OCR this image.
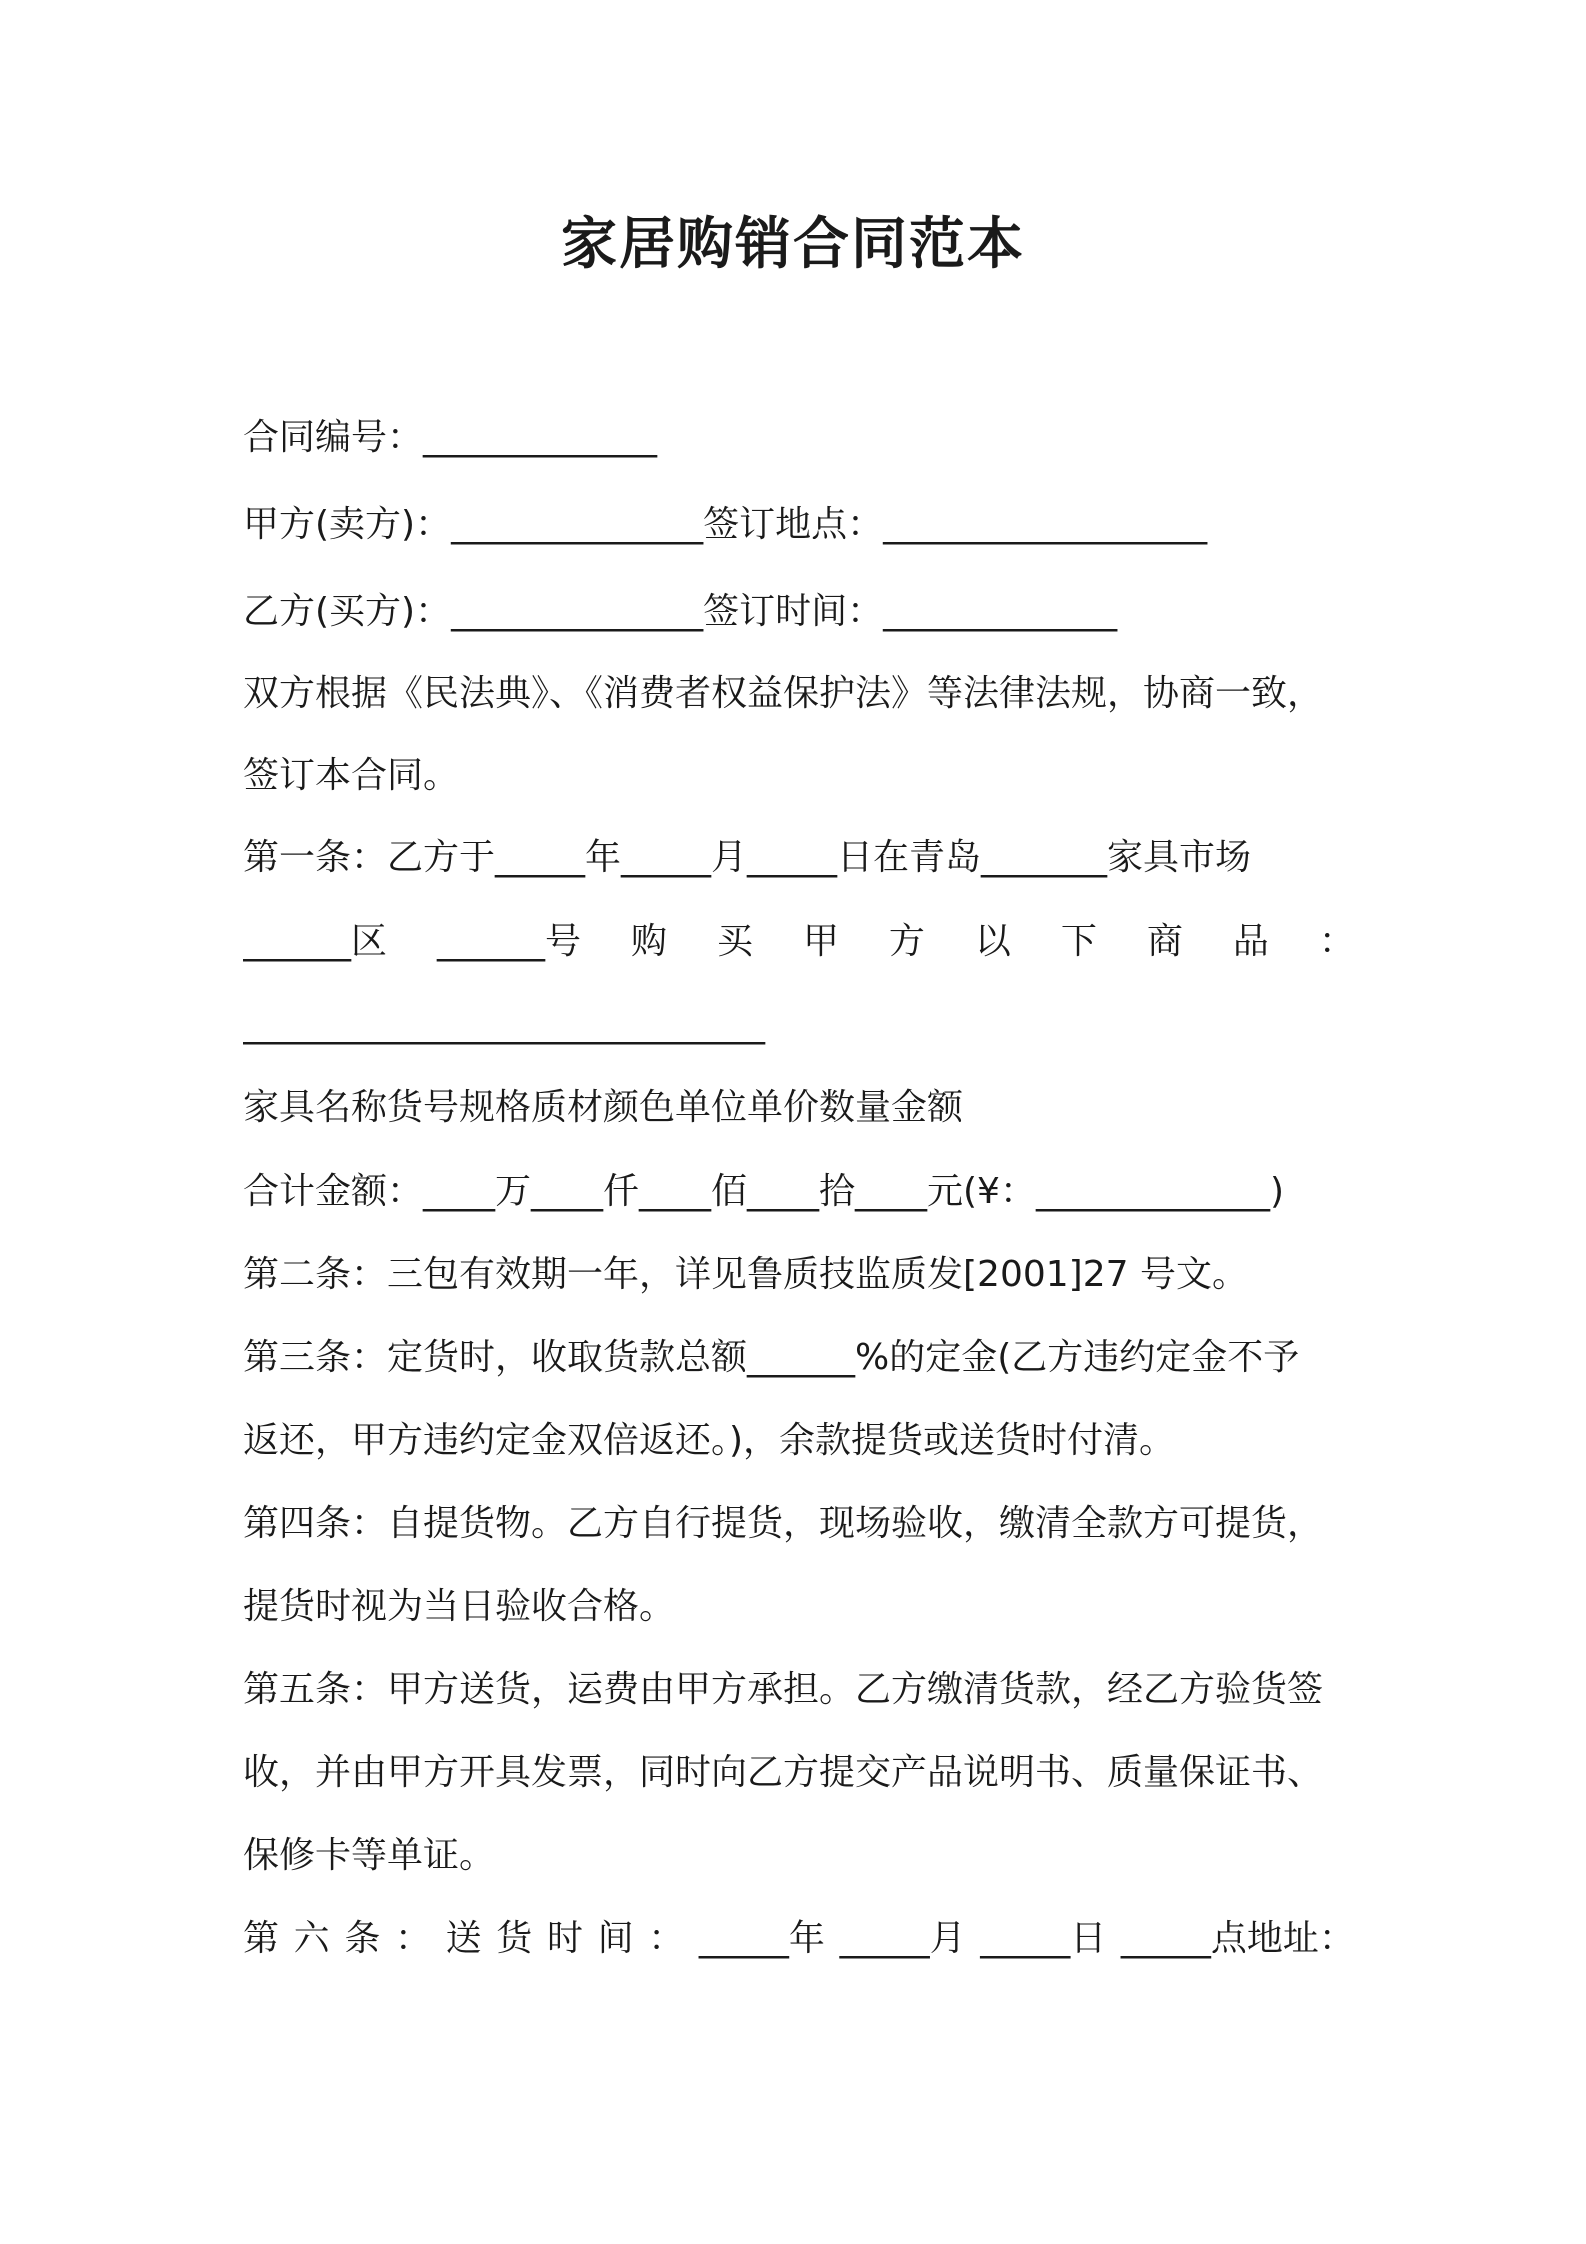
家居购销合同范本
合同编号：_____________
甲方(卖方)：______________签订地点：__________________
乙方(买方)：______________签订时间：_____________
双方根据《民法典》、《消费者权益保护法》等法律法规，协商一致，
签订本合同。
第一条：乙方于_____年_____月_____日在青岛_______家具市场
______区 ______号 购 买 甲 方 以 下 商 品 ：
_____________________________
家具名称货号规格质材颜色单位单价数量金额
合计金额：____万____仟____佰____拾____元(¥：_____________)
第二条：三包有效期一年，详见鲁质技监质发[2001]27 号文。
第三条：定货时，收取货款总额______%的定金(乙方违约定金不予
返还，甲方违约定金双倍返还。)，余款提货或送货时付清。
第四条：自提货物。乙方自行提货，现场验收，缴清全款方可提货，
提货时视为当日验收合格。
第五条：甲方送货，运费由甲方承担。乙方缴清货款，经乙方验货签
收，并由甲方开具发票，同时向乙方提交产品说明书、质量保证书、
保修卡等单证。
第 六 条 ： 送 货 时 间 ： _____年 _____月 _____日 _____点地址：
